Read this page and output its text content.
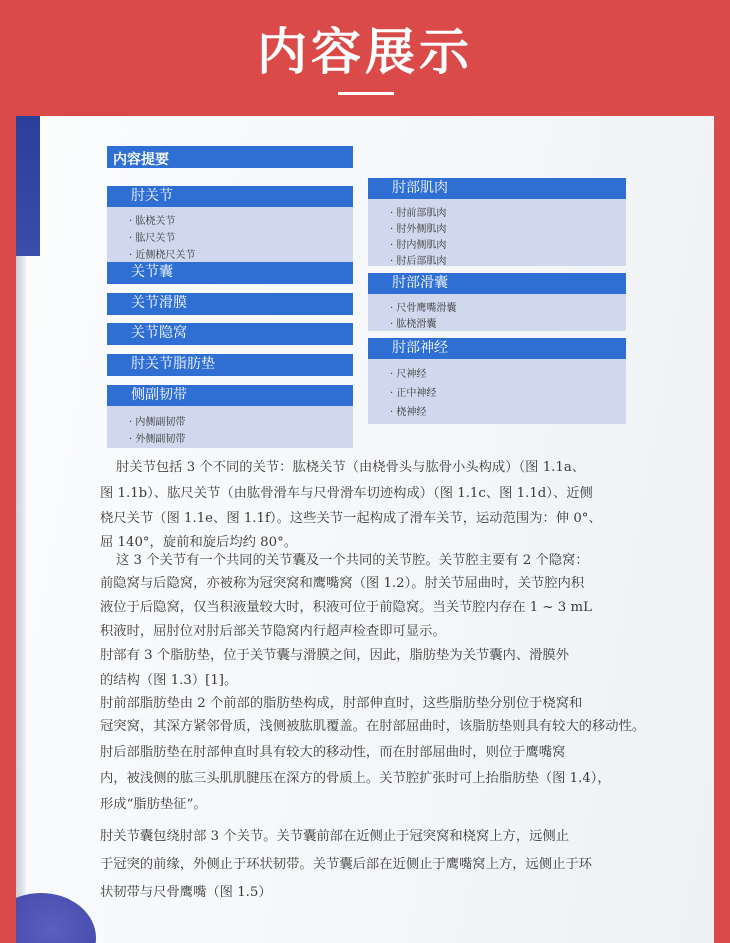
内容展示
内容提要
肘关节
· 肱桡关节
· 肱尺关节
· 近侧桡尺关节
关节囊
关节滑膜
关节隐窝
肘关节脂肪垫
侧副韧带
· 内侧副韧带
· 外侧副韧带
肘部肌肉
· 肘前部肌肉
· 肘外侧肌肉
· 肘内侧肌肉
· 肘后部肌肉
肘部滑囊
· 尺骨鹰嘴滑囊
· 肱桡滑囊
肘部神经
· 尺神经
· 正中神经
· 桡神经
肘关节包括 3 个不同的关节：肱桡关节（由桡骨头与肱骨小头构成）（图 1.1a、
图 1.1b）、肱尺关节（由肱骨滑车与尺骨滑车切迹构成）（图 1.1c、图 1.1d）、近侧
桡尺关节（图 1.1e、图 1.1f）。这些关节一起构成了滑车关节，运动范围为：伸 0°、
屈 140°，旋前和旋后均约 80°。
这 3 个关节有一个共同的关节囊及一个共同的关节腔。关节腔主要有 2 个隐窝：
前隐窝与后隐窝，亦被称为冠突窝和鹰嘴窝（图 1.2）。肘关节屈曲时，关节腔内积
液位于后隐窝，仅当积液量较大时，积液可位于前隐窝。当关节腔内存在 1 ~ 3 mL
积液时，屈肘位对肘后部关节隐窝内行超声检查即可显示。
肘部有 3 个脂肪垫，位于关节囊与滑膜之间，因此，脂肪垫为关节囊内、滑膜外
的结构（图 1.3）[1]。
肘前部脂肪垫由 2 个前部的脂肪垫构成，肘部伸直时，这些脂肪垫分别位于桡窝和
冠突窝，其深方紧邻骨质，浅侧被肱肌覆盖。在肘部屈曲时，该脂肪垫则具有较大的移动性。
肘后部脂肪垫在肘部伸直时具有较大的移动性，而在肘部屈曲时，则位于鹰嘴窝
内，被浅侧的肱三头肌肌腱压在深方的骨质上。关节腔扩张时可上抬脂肪垫（图 1.4），
形成“脂肪垫征”。
肘关节囊包绕肘部 3 个关节。关节囊前部在近侧止于冠突窝和桡窝上方，远侧止
于冠突的前缘，外侧止于环状韧带。关节囊后部在近侧止于鹰嘴窝上方，远侧止于环
状韧带与尺骨鹰嘴（图 1.5）
